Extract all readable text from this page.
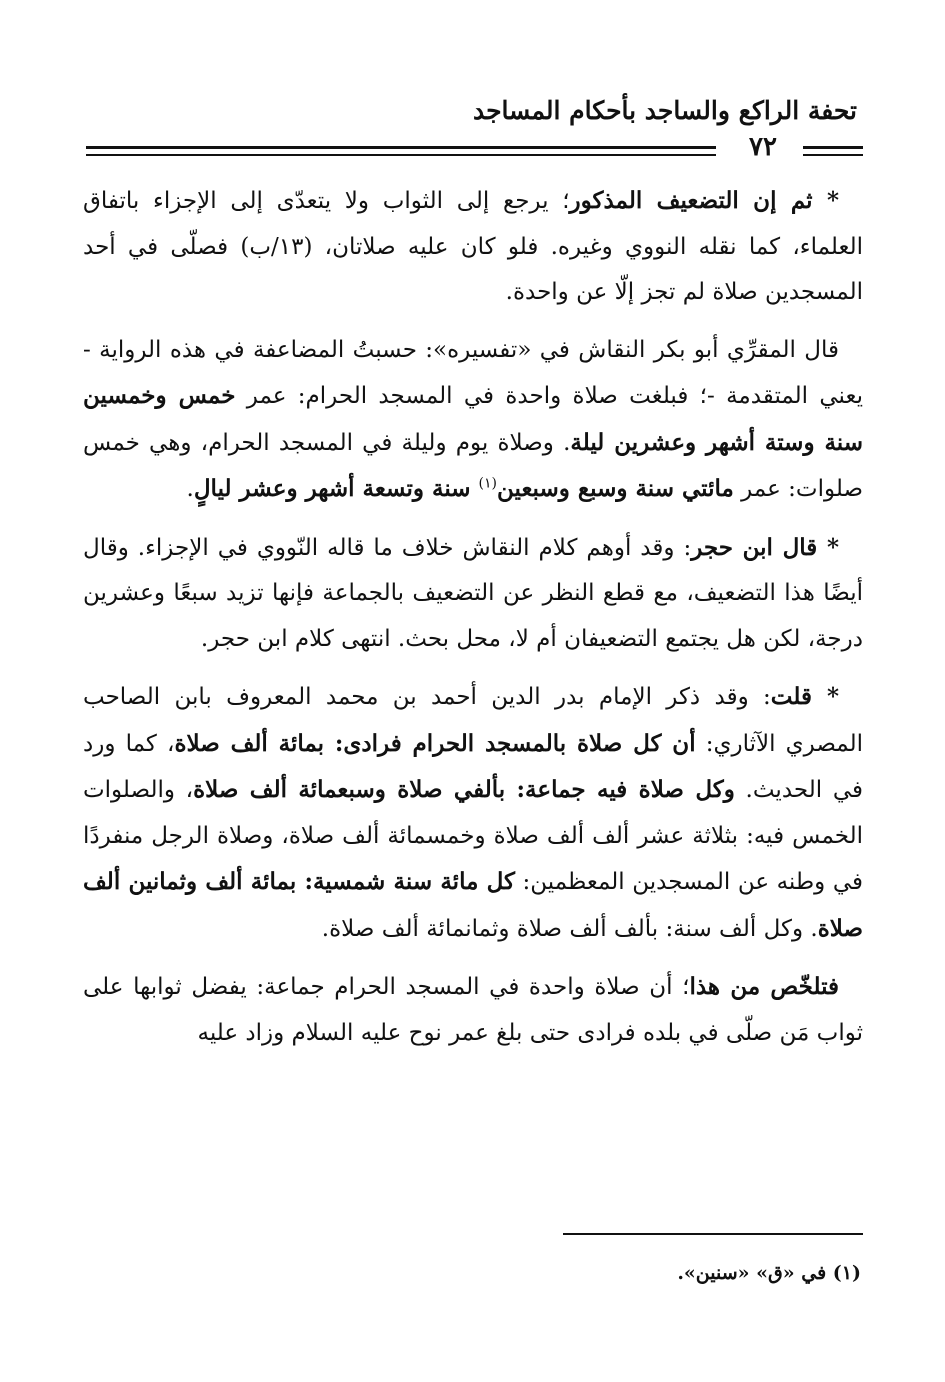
تحفة الراكع والساجد بأحكام المساجد
٧٢

* ثم إن التضعيف المذكور؛ يرجع إلى الثواب ولا يتعدّى إلى الإجزاء باتفاق العلماء، كما نقله النووي وغيره. فلو كان عليه صلاتان، (١٣/ب) فصلّى في أحد المسجدين صلاة لم تجز إلّا عن واحدة.

قال المقرِّي أبو بكر النقاش في «تفسيره»: حسبتُ المضاعفة في هذه الرواية - يعني المتقدمة -؛ فبلغت صلاة واحدة في المسجد الحرام: عمر خمس وخمسين سنة وستة أشهر وعشرين ليلة. وصلاة يوم وليلة في المسجد الحرام، وهي خمس صلوات: عمر مائتي سنة وسبع وسبعين$^{(١)}$ سنة وتسعة أشهر وعشر ليالٍ.

* قال ابن حجر: وقد أوهم كلام النقاش خلاف ما قاله النّووي في الإجزاء. وقال أيضًا هذا التضعيف، مع قطع النظر عن التضعيف بالجماعة فإنها تزيد سبعًا وعشرين درجة، لكن هل يجتمع التضعيفان أم لا، محل بحث. انتهى كلام ابن حجر.

* قلت: وقد ذكر الإمام بدر الدين أحمد بن محمد المعروف بابن الصاحب المصري الآثاري: أن كل صلاة بالمسجد الحرام فرادى: بمائة ألف صلاة، كما ورد في الحديث. وكل صلاة فيه جماعة: بألفي صلاة وسبعمائة ألف صلاة، والصلوات الخمس فيه: بثلاثة عشر ألف ألف صلاة وخمسمائة ألف صلاة، وصلاة الرجل منفردًا في وطنه عن المسجدين المعظمين: كل مائة سنة شمسية: بمائة ألف وثمانين ألف صلاة. وكل ألف سنة: بألف ألف صلاة وثمانمائة ألف صلاة.

فتلخّص من هذا؛ أن صلاة واحدة في المسجد الحرام جماعة: يفضل ثوابها على ثواب مَن صلّى في بلده فرادى حتى بلغ عمر نوح عليه السلام وزاد عليه

(١) في «ق» «سنين».
